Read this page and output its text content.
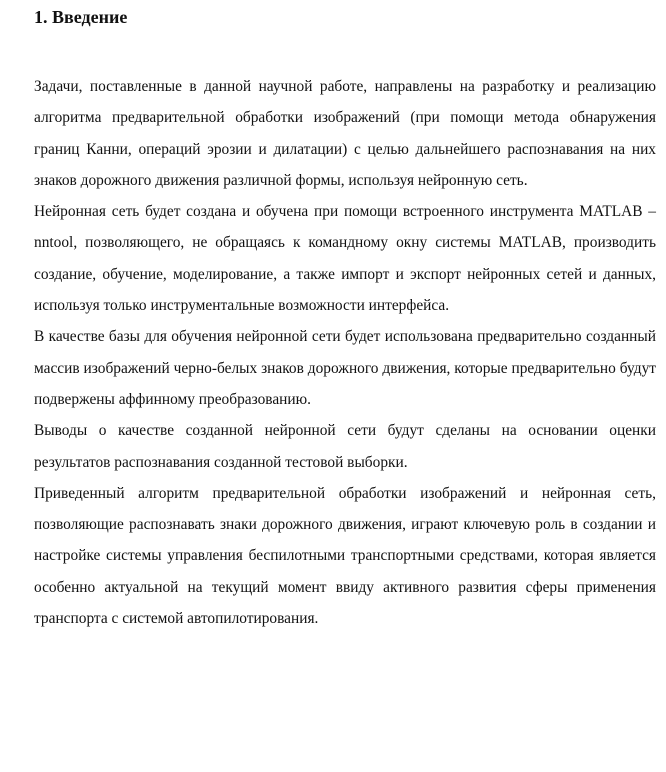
1. Введение

Задачи, поставленные в данной научной работе, направлены на разработку и реализацию алгоритма предварительной обработки изображений (при помощи метода обнаружения границ Канни, операций эрозии и дилатации) с целью дальнейшего распознавания на них знаков дорожного движения различной формы, используя нейронную сеть.

Нейронная сеть будет создана и обучена при помощи встроенного инструмента MATLAB – nntool, позволяющего, не обращаясь к командному окну системы MATLAB, производить создание, обучение, моделирование, а также импорт и экспорт нейронных сетей и данных, используя только инструментальные возможности интерфейса.

В качестве базы для обучения нейронной сети будет использована предварительно созданный массив изображений черно-белых знаков дорожного движения, которые предварительно будут подвержены аффинному преобразованию.

Выводы о качестве созданной нейронной сети будут сделаны на основании оценки результатов распознавания созданной тестовой выборки.

Приведенный алгоритм предварительной обработки изображений и нейронная сеть, позволяющие распознавать знаки дорожного движения, играют ключевую роль в создании и настройке системы управления беспилотными транспортными средствами, которая является особенно актуальной на текущий момент ввиду активного развития сферы применения транспорта с системой автопилотирования.
